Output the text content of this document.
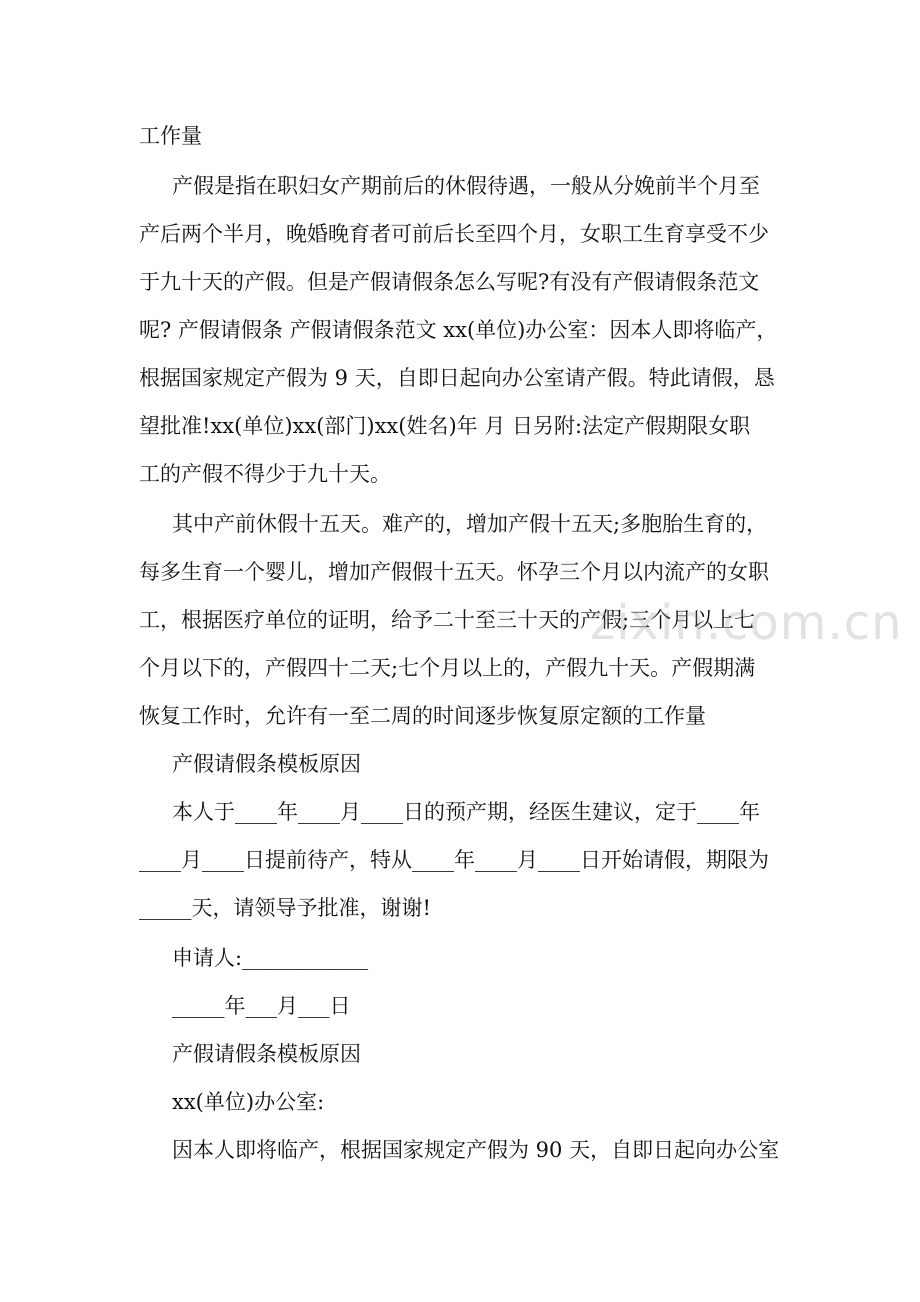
工作量
产假是指在职妇女产期前后的休假待遇，一般从分娩前半个月至
产后两个半月，晚婚晚育者可前后长至四个月，女职工生育享受不少
于九十天的产假。但是产假请假条怎么写呢?有没有产假请假条范文
呢? 产假请假条 产假请假条范文 xx(单位)办公室：因本人即将临产，
根据国家规定产假为 9 天，自即日起向办公室请产假。特此请假，恳
望批准!xx(单位)xx(部门)xx(姓名)年 月 日另附:法定产假期限女职
工的产假不得少于九十天。
其中产前休假十五天。难产的，增加产假十五天;多胞胎生育的，
每多生育一个婴儿，增加产假假十五天。怀孕三个月以内流产的女职
工，根据医疗单位的证明，给予二十至三十天的产假;三个月以上七
个月以下的，产假四十二天;七个月以上的，产假九十天。产假期满
恢复工作时，允许有一至二周的时间逐步恢复原定额的工作量
产假请假条模板原因
本人于____年____月____日的预产期，经医生建议，定于____年
____月____日提前待产，特从____年____月____日开始请假，期限为
_____天，请领导予批准，谢谢!
申请人:____________
_____年___月___日
产假请假条模板原因
xx(单位)办公室:
因本人即将临产，根据国家规定产假为 90 天，自即日起向办公室
zixin.com.cn
